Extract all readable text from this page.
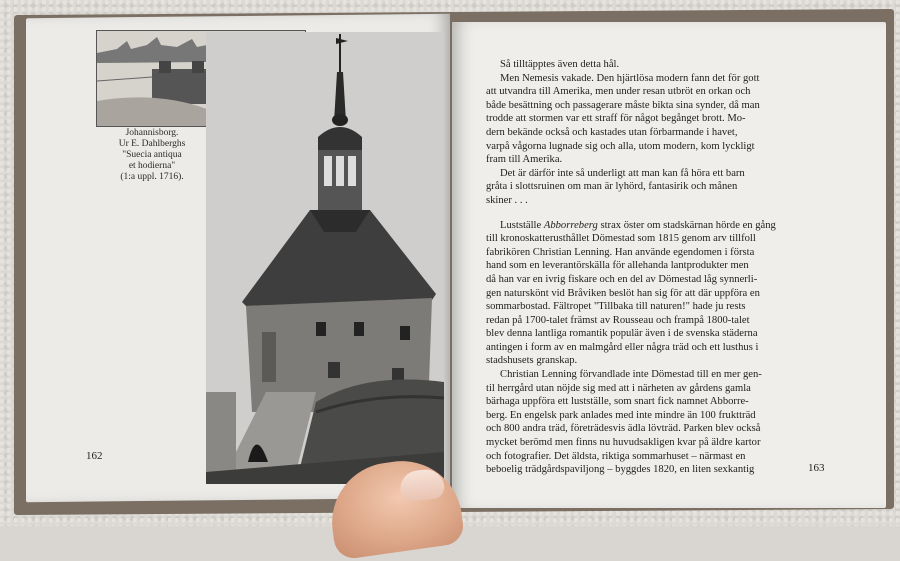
Johannisborg.
Ur E. Dahlberghs
"Suecia antiqua
et hodierna"
(1:a uppl. 1716).
162
Så tilltäpptes även detta hål.
Men Nemesis vakade. Den hjärtlösa modern fann det för gott
att utvandra till Amerika, men under resan utbröt en orkan och
både besättning och passagerare måste bikta sina synder, då man
trodde att stormen var ett straff för något begånget brott. Mo-
dern bekände också och kastades utan förbarmande i havet,
varpå vågorna lugnade sig och alla, utom modern, kom lyckligt
fram till Amerika.
Det är därför inte så underligt att man kan få höra ett barn
gråta i slottsruinen om man är lyhörd, fantasirik och månen
skiner . . .
Lustställe Abborreberg strax öster om stadskärnan hörde en gång
till kronoskatterusthållet Dömestad som 1815 genom arv tillfoll
fabrikören Christian Lenning. Han använde egendomen i första
hand som en leverantörskälla för allehanda lantprodukter men
då han var en ivrig fiskare och en del av Dömestad låg synnerli-
gen naturskönt vid Bråviken beslöt han sig för att där uppföra en
sommarbostad. Fältropet "Tillbaka till naturen!" hade ju rests
redan på 1700-talet främst av Rousseau och frampå 1800-talet
blev denna lantliga romantik populär även i de svenska städerna
antingen i form av en malmgård eller några träd och ett lusthus i
stadshusets granskap.
Christian Lenning förvandlade inte Dömestad till en mer gen-
til herrgård utan nöjde sig med att i närheten av gårdens gamla
bärhaga uppföra ett lustställe, som snart fick namnet Abborre-
berg. En engelsk park anlades med inte mindre än 100 fruktträd
och 800 andra träd, företrädesvis ädla lövträd. Parken blev också
mycket berömd men finns nu huvudsakligen kvar på äldre kartor
och fotografier. Det äldsta, riktiga sommarhuset – närmast en
beboelig trädgårdspaviljong – byggdes 1820, en liten sexkantig	163
